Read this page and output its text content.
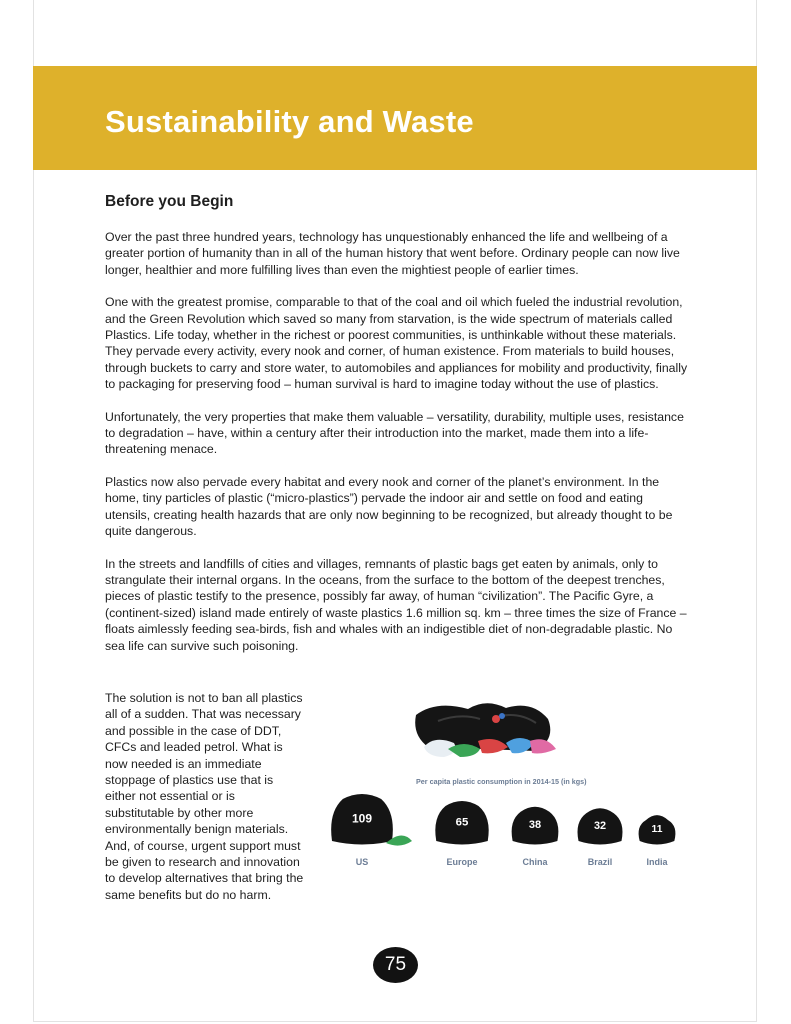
Sustainability and Waste
Before you Begin

Over the past three hundred years, technology has unquestionably enhanced the life and wellbeing of a greater portion of humanity than in all of the human history that went before. Ordinary people can now live longer, healthier and more fulfilling lives than even the mightiest people of earlier times.

One with the greatest promise, comparable to that of the coal and oil which fueled the industrial revolution, and the Green Revolution which saved so many from starvation, is the wide spectrum of materials called Plastics. Life today, whether in the richest or poorest communities, is unthinkable without these materials. They pervade every activity, every nook and corner, of human existence. From materials to build houses, through buckets to carry and store water, to automobiles and appliances for mobility and productivity, finally to packaging for preserving food – human survival is hard to imagine today without the use of plastics.

Unfortunately, the very properties that make them valuable – versatility, durability, multiple uses, resistance to degradation – have, within a century after their introduction into the market, made them into a life-threatening menace.

Plastics now also pervade every habitat and every nook and corner of the planet’s environment. In the home, tiny particles of plastic (“micro-plastics”) pervade the indoor air and settle on food and eating utensils, creating health hazards that are only now beginning to be recognized, but already thought to be quite dangerous.

In the streets and landfills of cities and villages, remnants of plastic bags get eaten by animals, only to strangulate their internal organs. In the oceans, from the surface to the bottom of the deepest trenches, pieces of plastic testify to the presence, possibly far away, of human “civilization”. The Pacific Gyre, a (continent-sized) island made entirely of waste plastics 1.6 million sq. km – three times the size of France – floats aimlessly feeding sea-birds, fish and whales with an indigestible diet of non-degradable plastic. No sea life can survive such poisoning.

The solution is not to ban all plastics all of a sudden. That was necessary and possible in the case of DDT, CFCs and leaded petrol. What is now needed is an immediate stoppage of plastics use that is either not essential or is substitutable by other more environmentally benign materials. And, of course, urgent support must be given to research and innovation to develop alternatives that bring the same benefits but do no harm.

Per capita plastic consumption in 2014-15 (in kgs)
109
US
65
Europe
38
China
32
Brazil
11
India
75
